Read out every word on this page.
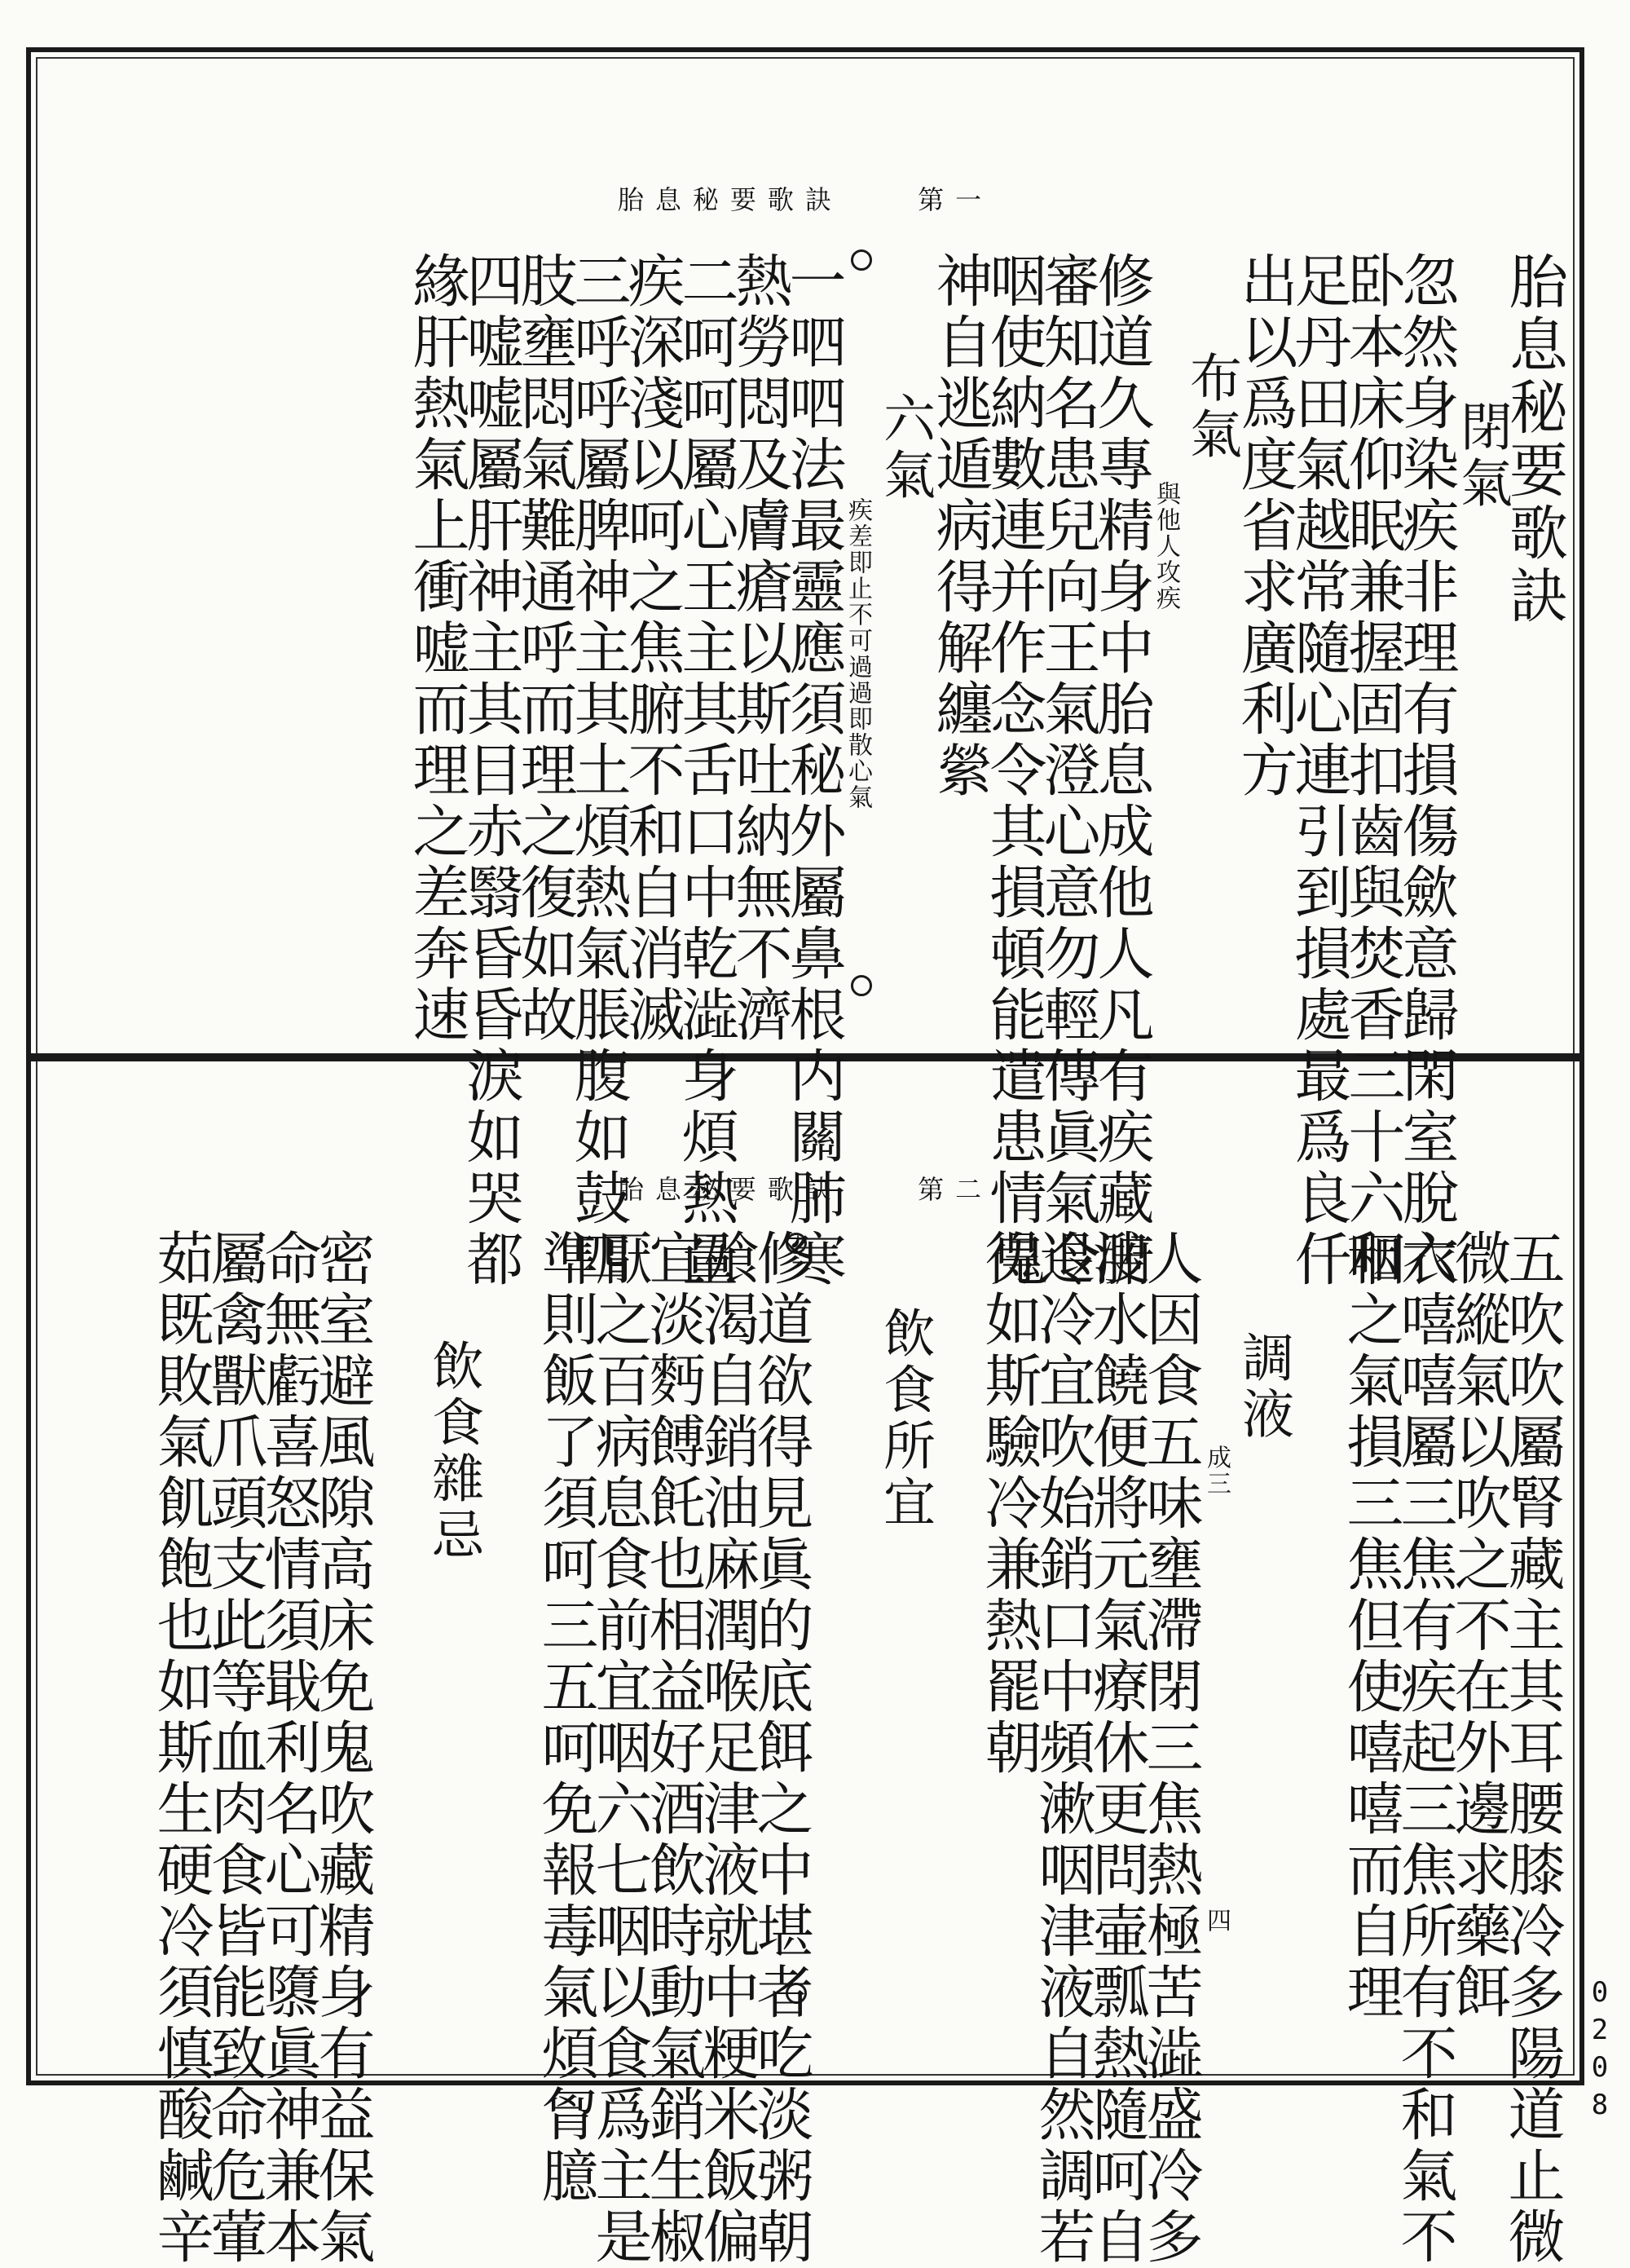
胎息秘要歌訣	第一
胎息秘要歌訣
閉氣
忽然身染疾非理有損傷歛意歸閑室脫衣
卧本床仰眠兼握固扣齒與焚香三十六咽
足丹田氣越常隨心連引到損處最爲良仟
出以爲度省求廣利方
布氣
與他人攻疾
修道久專精身中胎息成他人凡有疾藏腑
審知名患兒向王氣澄心意勿輕傳眞氣令
咽使納數連并作念令其損頓能遣患情鬼
神自逃遁病得解纏縈
六氣
疾差即止不可過過即散心氣
一呬呬法最靈應須秘外屬鼻根内關肺寒
熱勞悶及膚瘡以斯吐納無不濟
二呵呵屬心王主其舌口中乾澁身煩熱量
疾深淺以呵之焦腑不和自消滅
三呼呼屬脾神主其土煩熱氣脹腹如鼓四
肢壅悶氣難通呼而理之復如故
四嘘嘘屬肝神主其目赤翳昏昏淚如哭都
緣肝熱氣上衝嘘而理之差奔速
胎息秘要歌訣	第二
五吹吹屬腎藏主其耳腰膝冷多陽道止微
微縱氣以吹之不在外邊求藥餌
六嘻嘻屬三焦有疾起三焦所有不和氣不
和之氣損三焦但使嘻嘻而自理
調液
成三
四
人因食五味壅滯閉三焦熱極苦澁盛冷多
溲水饒便將元氣療休更問壷瓢熱隨呵自
退冷宜吹始銷口中頻漱咽津液自然調若
得如斯驗冷兼熱罷朝
飲食所宜
修道欲得見眞的底餌之中堪者吃淡粥朝
飱渴自銷油麻潤喉足津液就中粳米飯偏
宜淡麪餺飥也相益好酒飲時動氣銷生椒
厭之百病息食前宜咽六七咽以食爲主是
準則飯了須呵三五呵免報毒氣煩胷臆
飲食雜忌
密室避風隙高床免鬼吹藏精身有益保氣
命無虧喜怒情須戢利名心可隳眞神兼本
屬禽獸爪頭支此等血肉食皆能致命危葷
茹既敗氣飢飽也如斯生硬冷須慎酸鹹辛	0208
